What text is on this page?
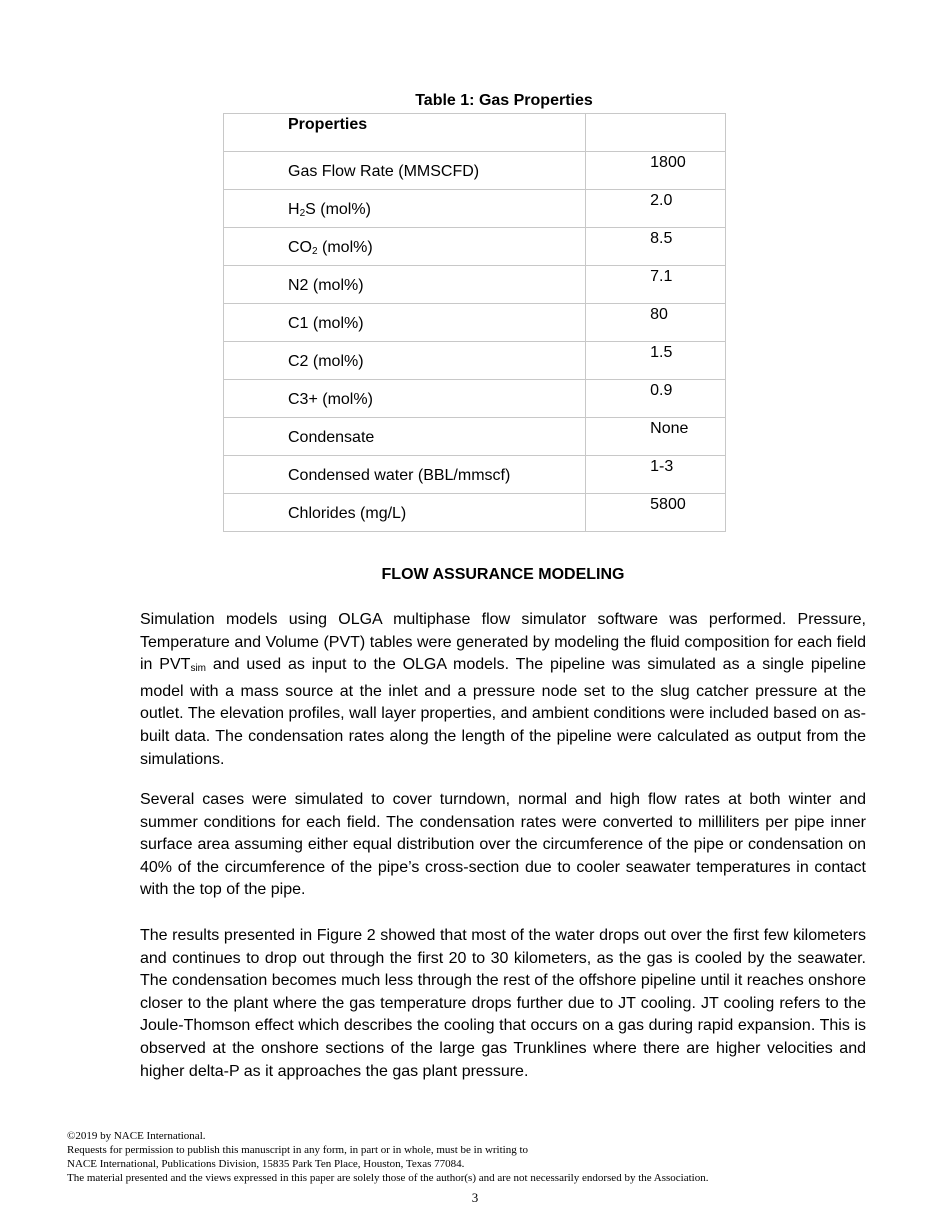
Table 1: Gas Properties
Properties	
Gas Flow Rate (MMSCFD)	1800
$H_2S$ (mol%)	2.0
$CO_2$ (mol%)	8.5
N2 (mol%)	7.1
C1 (mol%)	80
C2 (mol%)	1.5
C3+ (mol%)	0.9
Condensate	None
Condensed water (BBL/mmscf)	1-3
Chlorides (mg/L)	5800
FLOW ASSURANCE MODELING

Simulation models using OLGA multiphase flow simulator software was performed. Pressure, Temperature and Volume (PVT) tables were generated by modeling the fluid composition for each field in $PVT_{sim}$ and used as input to the OLGA models. The pipeline was simulated as a single pipeline model with a mass source at the inlet and a pressure node set to the slug catcher pressure at the outlet. The elevation profiles, wall layer properties, and ambient conditions were included based on as-built data. The condensation rates along the length of the pipeline were calculated as output from the simulations.

Several cases were simulated to cover turndown, normal and high flow rates at both winter and summer conditions for each field. The condensation rates were converted to milliliters per pipe inner surface area assuming either equal distribution over the circumference of the pipe or condensation on 40% of the circumference of the pipe’s cross-section due to cooler seawater temperatures in contact with the top of the pipe.

The results presented in Figure 2 showed that most of the water drops out over the first few kilometers and continues to drop out through the first 20 to 30 kilometers, as the gas is cooled by the seawater. The condensation becomes much less through the rest of the offshore pipeline until it reaches onshore closer to the plant where the gas temperature drops further due to JT cooling. JT cooling refers to the Joule-Thomson effect which describes the cooling that occurs on a gas during rapid expansion. This is observed at the onshore sections of the large gas Trunklines where there are higher velocities and higher delta-P as it approaches the gas plant pressure.

©2019 by NACE International.
Requests for permission to publish this manuscript in any form, in part or in whole, must be in writing to
NACE International, Publications Division, 15835 Park Ten Place, Houston, Texas 77084.
The material presented and the views expressed in this paper are solely those of the author(s) and are not necessarily endorsed by the Association.
3
